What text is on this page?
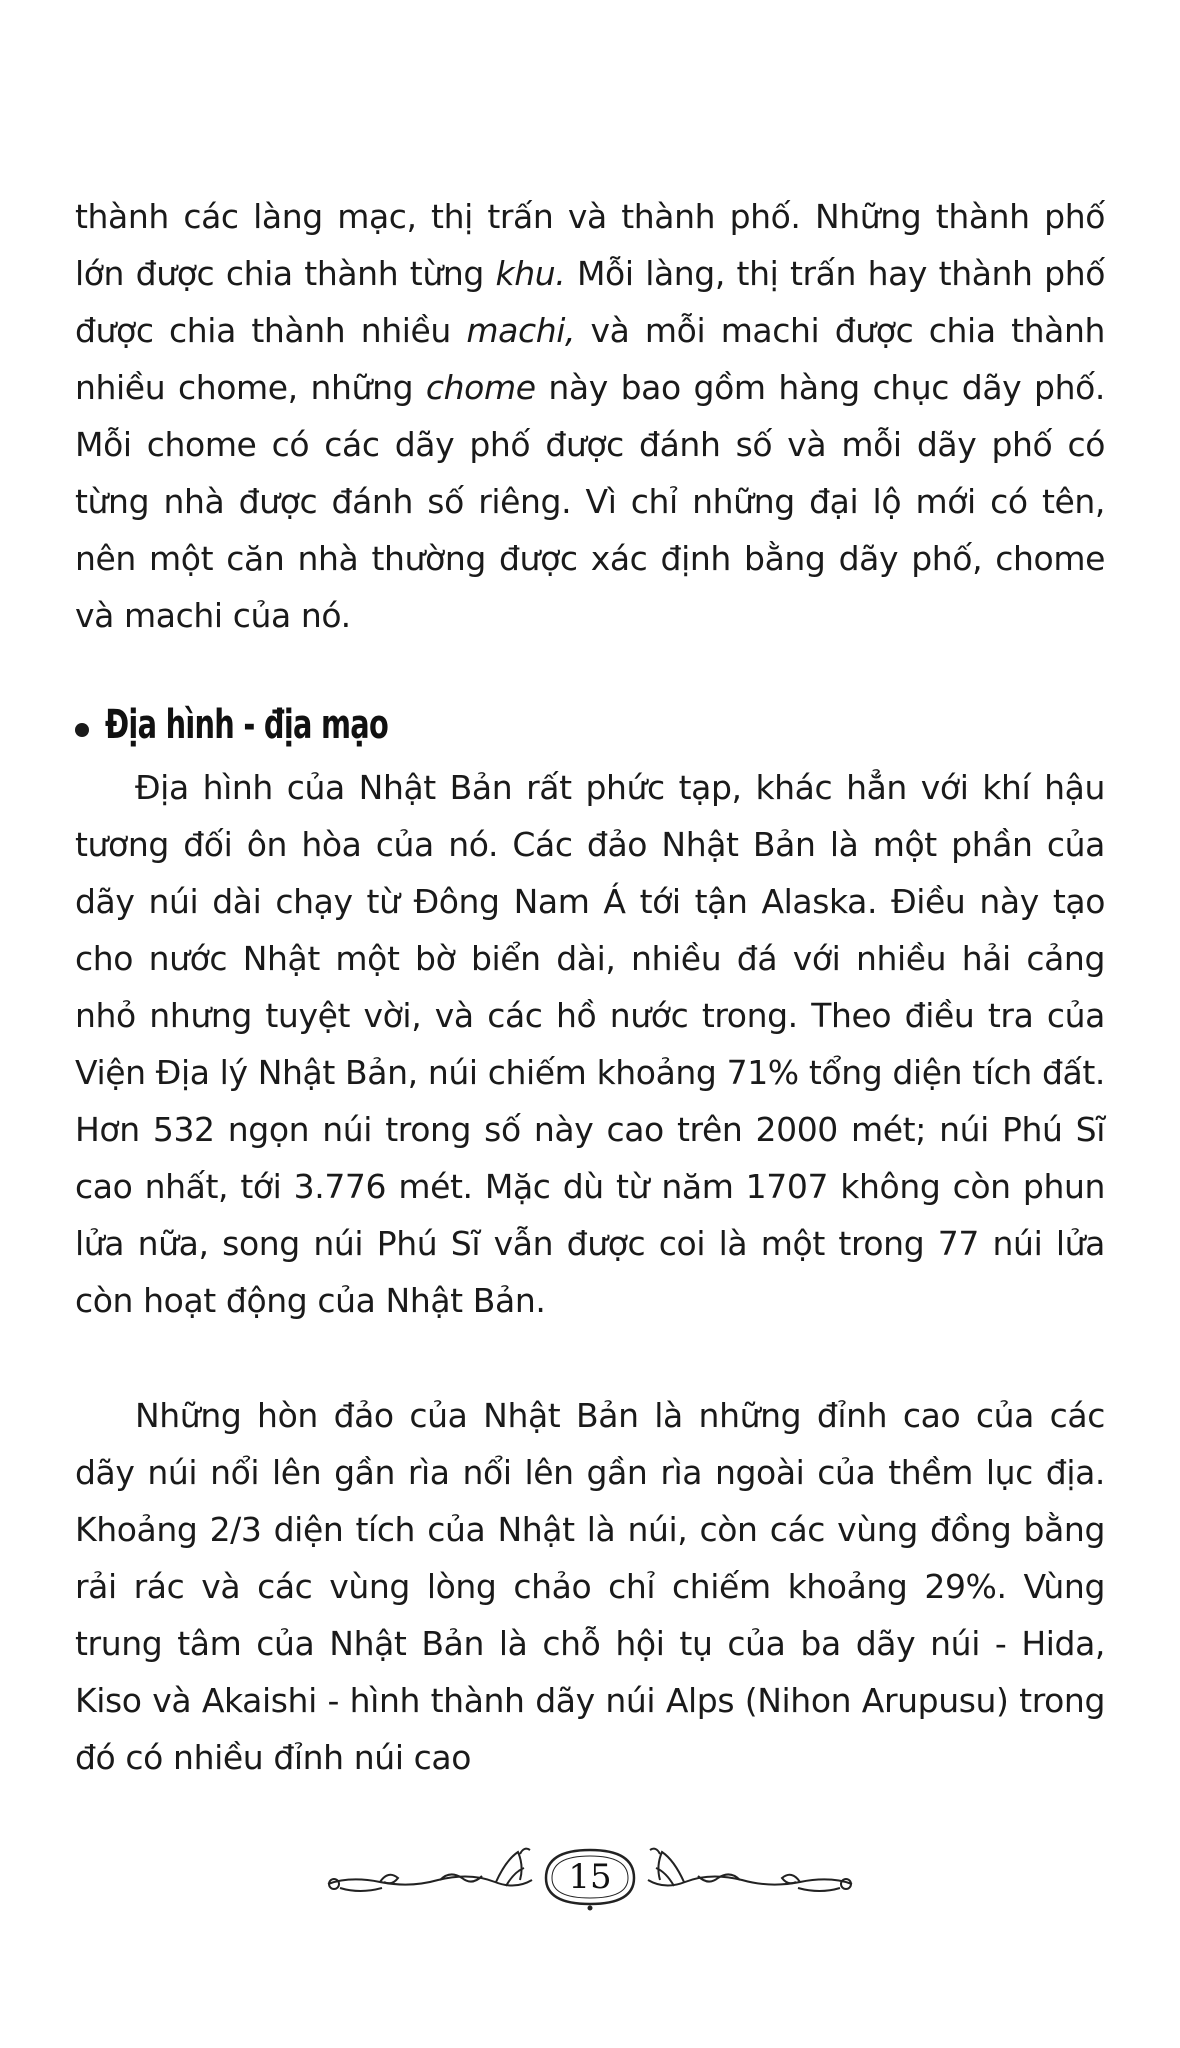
thành các làng mạc, thị trấn và thành phố. Những thành phố lớn được chia thành từng khu. Mỗi làng, thị trấn hay thành phố được chia thành nhiều machi, và mỗi machi được chia thành nhiều chome, những chome này bao gồm hàng chục dãy phố. Mỗi chome có các dãy phố được đánh số và mỗi dãy phố có từng nhà được đánh số riêng. Vì chỉ những đại lộ mới có tên, nên một căn nhà thường được xác định bằng dãy phố, chome và machi của nó.

Địa hình - địa mạo

Địa hình của Nhật Bản rất phức tạp, khác hẳn với khí hậu tương đối ôn hòa của nó. Các đảo Nhật Bản là một phần của dãy núi dài chạy từ Đông Nam Á tới tận Alaska. Điều này tạo cho nước Nhật một bờ biển dài, nhiều đá với nhiều hải cảng nhỏ nhưng tuyệt vời, và các hồ nước trong. Theo điều tra của Viện Địa lý Nhật Bản, núi chiếm khoảng 71% tổng diện tích đất. Hơn 532 ngọn núi trong số này cao trên 2000 mét; núi Phú Sĩ cao nhất, tới 3.776 mét. Mặc dù từ năm 1707 không còn phun lửa nữa, song núi Phú Sĩ vẫn được coi là một trong 77 núi lửa còn hoạt động của Nhật Bản.

Những hòn đảo của Nhật Bản là những đỉnh cao của các dãy núi nổi lên gần rìa nổi lên gần rìa ngoài của thềm lục địa. Khoảng 2/3 diện tích của Nhật là núi, còn các vùng đồng bằng rải rác và các vùng lòng chảo chỉ chiếm khoảng 29%. Vùng trung tâm của Nhật Bản là chỗ hội tụ của ba dãy núi - Hida, Kiso và Akaishi - hình thành dãy núi Alps (Nihon Arupusu) trong đó có nhiều đỉnh núi cao

15
